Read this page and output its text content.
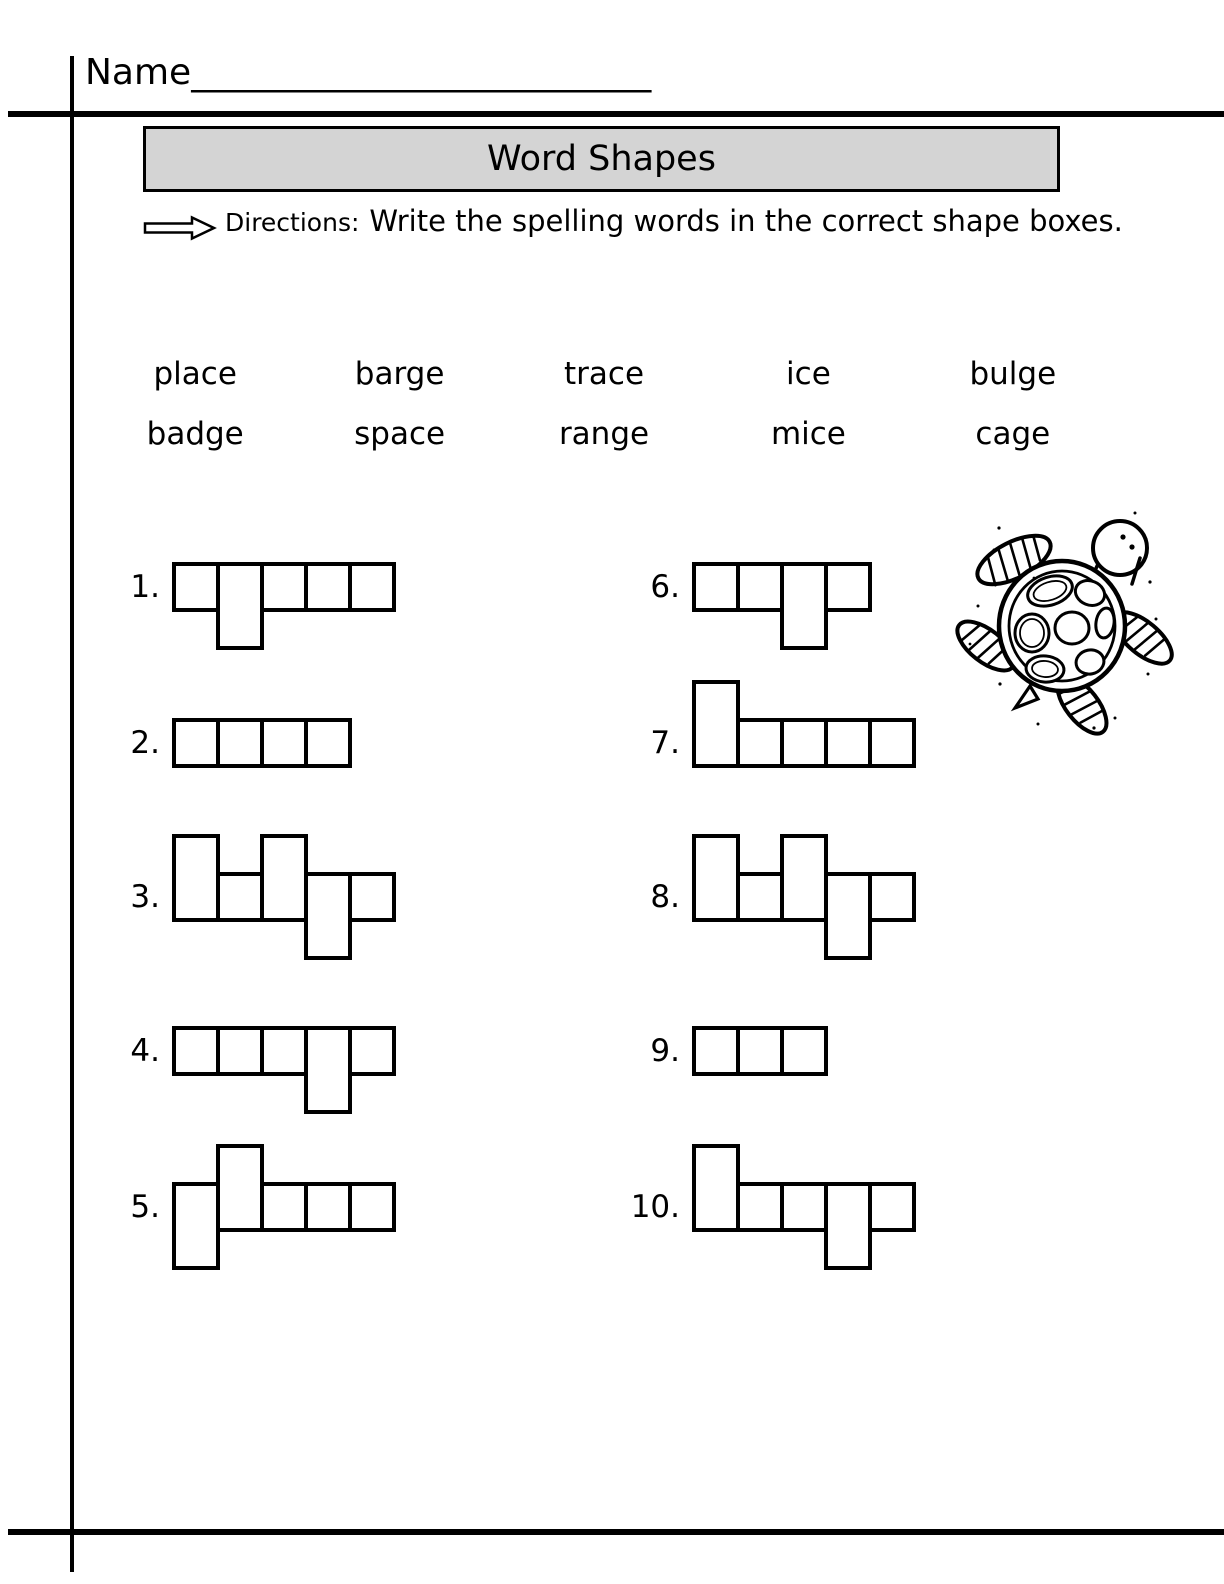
Name___________________________
Word Shapes
Directions: Write the spelling words in the correct shape boxes.
place	barge	trace	ice	bulge
badge	space	range	mice	cage
1.
2.
3.
4.
5.
6.
7.
8.
9.
10.
